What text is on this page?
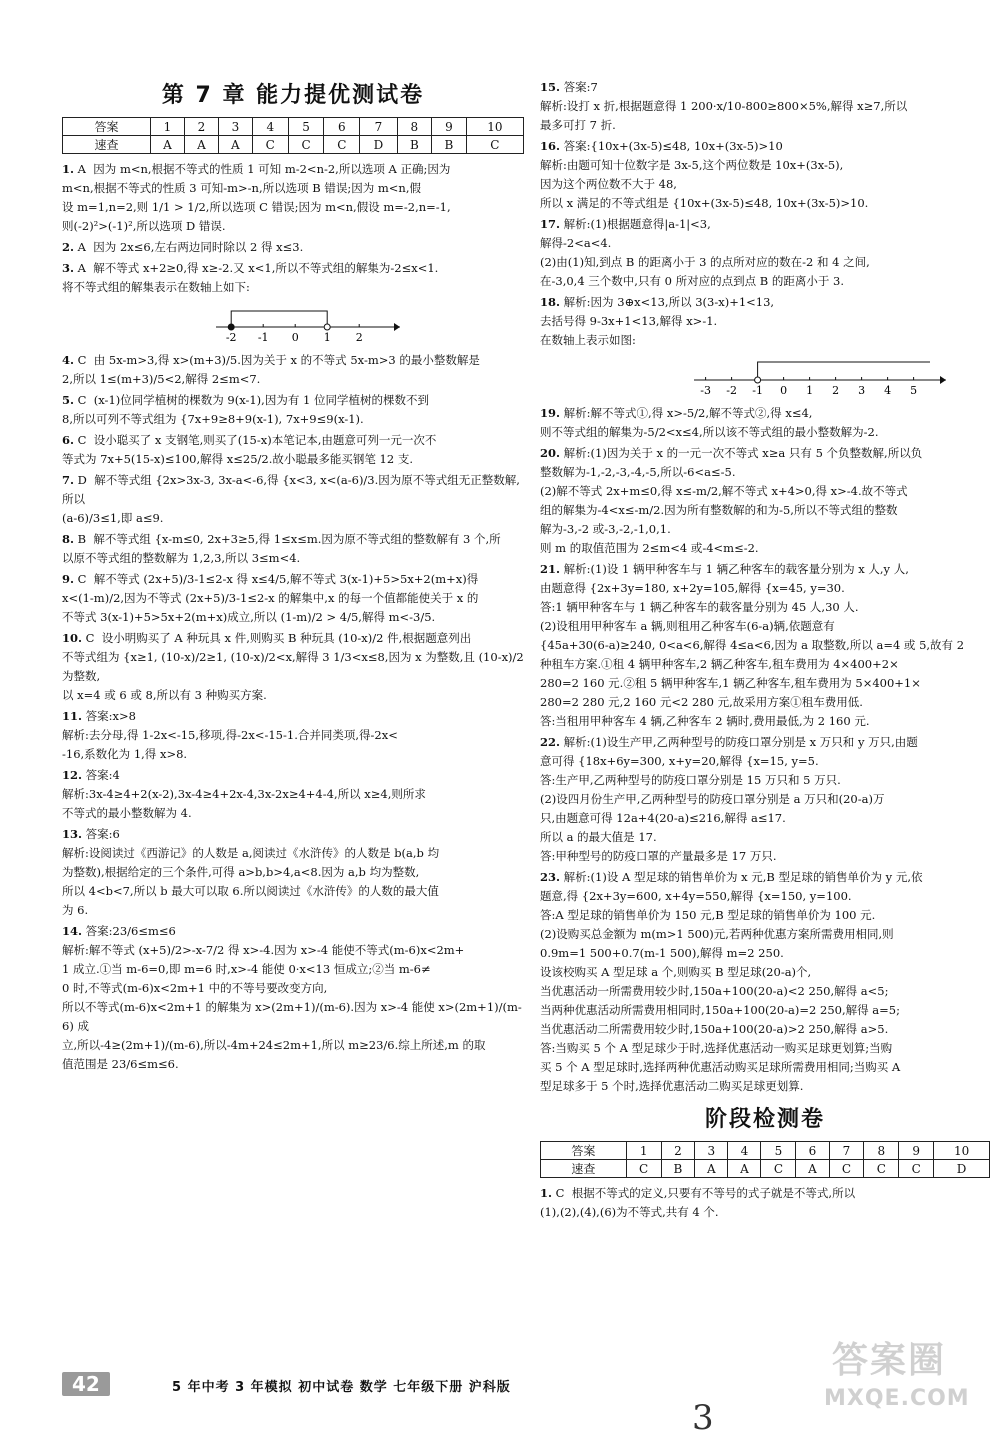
第 7 章 能力提优测试卷
答案	1	2	3	4	5	6	7	8	9	10
速查	A	A	A	C	C	C	D	B	B	C
1. A  因为 m<n,根据不等式的性质 1 可知 m-2<n-2,所以选项 A 正确;因为
m<n,根据不等式的性质 3 可知-m>-n,所以选项 B 错误;因为 m<n,假
设 m=1,n=2,则 1/1 > 1/2,所以选项 C 错误;因为 m<n,假设 m=-2,n=-1,
则(-2)²>(-1)²,所以选项 D 错误.
2. A  因为 2x≤6,左右两边同时除以 2 得 x≤3.
3. A  解不等式 x+2≥0,得 x≥-2.又 x<1,所以不等式组的解集为-2≤x<1.
将不等式组的解集表示在数轴上如下:
-2 -1 0 1 2
4. C  由 5x-m>3,得 x>(m+3)/5.因为关于 x 的不等式 5x-m>3 的最小整数解是
2,所以 1≤(m+3)/5<2,解得 2≤m<7.
5. C  (x-1)位同学植树的棵数为 9(x-1),因为有 1 位同学植树的棵数不到
8,所以可列不等式组为 {7x+9≥8+9(x-1), 7x+9≤9(x-1).
6. C  设小聪买了 x 支钢笔,则买了(15-x)本笔记本,由题意可列一元一次不
等式为 7x+5(15-x)≤100,解得 x≤25/2.故小聪最多能买钢笔 12 支.
7. D  解不等式组 {2x>3x-3, 3x-a<-6,得 {x<3, x<(a-6)/3.因为原不等式组无正整数解,所以
(a-6)/3≤1,即 a≤9.
8. B  解不等式组 {x-m≤0, 2x+3≥5,得 1≤x≤m.因为原不等式组的整数解有 3 个,所
以原不等式组的整数解为 1,2,3,所以 3≤m<4.
9. C  解不等式 (2x+5)/3-1≤2-x 得 x≤4/5,解不等式 3(x-1)+5>5x+2(m+x)得
x<(1-m)/2,因为不等式 (2x+5)/3-1≤2-x 的解集中,x 的每一个值都能使关于 x 的
不等式 3(x-1)+5>5x+2(m+x)成立,所以 (1-m)/2 > 4/5,解得 m<-3/5.
10. C  设小明购买了 A 种玩具 x 件,则购买 B 种玩具 (10-x)/2 件,根据题意列出
不等式组为 {x≥1, (10-x)/2≥1, (10-x)/2<x,解得 3 1/3<x≤8,因为 x 为整数,且 (10-x)/2 为整数,
以 x=4 或 6 或 8,所以有 3 种购买方案.
11. 答案:x>8
解析:去分母,得 1-2x<-15,移项,得-2x<-15-1.合并同类项,得-2x<
-16,系数化为 1,得 x>8.
12. 答案:4
解析:3x-4≥4+2(x-2),3x-4≥4+2x-4,3x-2x≥4+4-4,所以 x≥4,则所求
不等式的最小整数解为 4.
13. 答案:6
解析:设阅读过《西游记》的人数是 a,阅读过《水浒传》的人数是 b(a,b 均
为整数),根据给定的三个条件,可得 a>b,b>4,a<8.因为 a,b 均为整数,
所以 4<b<7,所以 b 最大可以取 6.所以阅读过《水浒传》的人数的最大值
为 6.
14. 答案:23/6≤m≤6
解析:解不等式 (x+5)/2>-x-7/2 得 x>-4.因为 x>-4 能使不等式(m-6)x<2m+
1 成立.①当 m-6=0,即 m=6 时,x>-4 能使 0·x<13 恒成立;②当 m-6≠
0 时,不等式(m-6)x<2m+1 中的不等号要改变方向,
所以不等式(m-6)x<2m+1 的解集为 x>(2m+1)/(m-6).因为 x>-4 能使 x>(2m+1)/(m-6) 成
立,所以-4≥(2m+1)/(m-6),所以-4m+24≤2m+1,所以 m≥23/6.综上所述,m 的取
值范围是 23/6≤m≤6.
15. 答案:7
解析:设打 x 折,根据题意得 1 200·x/10-800≥800×5%,解得 x≥7,所以
最多可打 7 折.
16. 答案:{10x+(3x-5)≤48, 10x+(3x-5)>10
解析:由题可知十位数字是 3x-5,这个两位数是 10x+(3x-5),
因为这个两位数不大于 48,
所以 x 满足的不等式组是 {10x+(3x-5)≤48, 10x+(3x-5)>10.
17. 解析:(1)根据题意得|a-1|<3,
解得-2<a<4.
(2)由(1)知,到点 B 的距离小于 3 的点所对应的数在-2 和 4 之间,
在-3,0,4 三个数中,只有 0 所对应的点到点 B 的距离小于 3.
18. 解析:因为 3⊕x<13,所以 3(3-x)+1<13,
去括号得 9-3x+1<13,解得 x>-1.
在数轴上表示如图:
-3 -2 -1 0 1 2 3 4 5
19. 解析:解不等式①,得 x>-5/2,解不等式②,得 x≤4,
则不等式组的解集为-5/2<x≤4,所以该不等式组的最小整数解为-2.
20. 解析:(1)因为关于 x 的一元一次不等式 x≥a 只有 5 个负整数解,所以负
整数解为-1,-2,-3,-4,-5,所以-6<a≤-5.
(2)解不等式 2x+m≤0,得 x≤-m/2,解不等式 x+4>0,得 x>-4.故不等式
组的解集为-4<x≤-m/2.因为所有整数解的和为-5,所以不等式组的整数
解为-3,-2 或-3,-2,-1,0,1.
则 m 的取值范围为 2≤m<4 或-4<m≤-2.
21. 解析:(1)设 1 辆甲种客车与 1 辆乙种客车的载客量分别为 x 人,y 人,
由题意得 {2x+3y=180, x+2y=105,解得 {x=45, y=30.
答:1 辆甲种客车与 1 辆乙种客车的载客量分别为 45 人,30 人.
(2)设租用甲种客车 a 辆,则租用乙种客车(6-a)辆,依题意有
{45a+30(6-a)≥240, 0<a<6,解得 4≤a<6,因为 a 取整数,所以 a=4 或 5,故有 2
种租车方案.①租 4 辆甲种客车,2 辆乙种客车,租车费用为 4×400+2×
280=2 160 元.②租 5 辆甲种客车,1 辆乙种客车,租车费用为 5×400+1×
280=2 280 元,2 160 元<2 280 元,故采用方案①租车费用低.
答:当租用甲种客车 4 辆,乙种客车 2 辆时,费用最低,为 2 160 元.
22. 解析:(1)设生产甲,乙两种型号的防疫口罩分别是 x 万只和 y 万只,由题
意可得 {18x+6y=300, x+y=20,解得 {x=15, y=5.
答:生产甲,乙两种型号的防疫口罩分别是 15 万只和 5 万只.
(2)设四月份生产甲,乙两种型号的防疫口罩分别是 a 万只和(20-a)万
只,由题意可得 12a+4(20-a)≤216,解得 a≤17.
所以 a 的最大值是 17.
答:甲种型号的防疫口罩的产量最多是 17 万只.
23. 解析:(1)设 A 型足球的销售单价为 x 元,B 型足球的销售单价为 y 元,依
题意,得 {2x+3y=600, x+4y=550,解得 {x=150, y=100.
答:A 型足球的销售单价为 150 元,B 型足球的销售单价为 100 元.
(2)设购买总金额为 m(m>1 500)元,若两种优惠方案所需费用相同,则
0.9m=1 500+0.7(m-1 500),解得 m=2 250.
设该校购买 A 型足球 a 个,则购买 B 型足球(20-a)个,
当优惠活动一所需费用较少时,150a+100(20-a)<2 250,解得 a<5;
当两种优惠活动所需费用相同时,150a+100(20-a)=2 250,解得 a=5;
当优惠活动二所需费用较少时,150a+100(20-a)>2 250,解得 a>5.
答:当购买 5 个 A 型足球少于时,选择优惠活动一购买足球更划算;当购
买 5 个 A 型足球时,选择两种优惠活动购买足球所需费用相同;当购买 A
型足球多于 5 个时,选择优惠活动二购买足球更划算.
阶段检测卷
答案	1	2	3	4	5	6	7	8	9	10
速查	C	B	A	A	C	A	C	C	C	D
1. C  根据不等式的定义,只要有不等号的式子就是不等式,所以
(1),(2),(4),(6)为不等式,共有 4 个.
42	5 年中考 3 年模拟 初中试卷 数学 七年级下册 沪科版
3
答案圈
MXQE.COM
